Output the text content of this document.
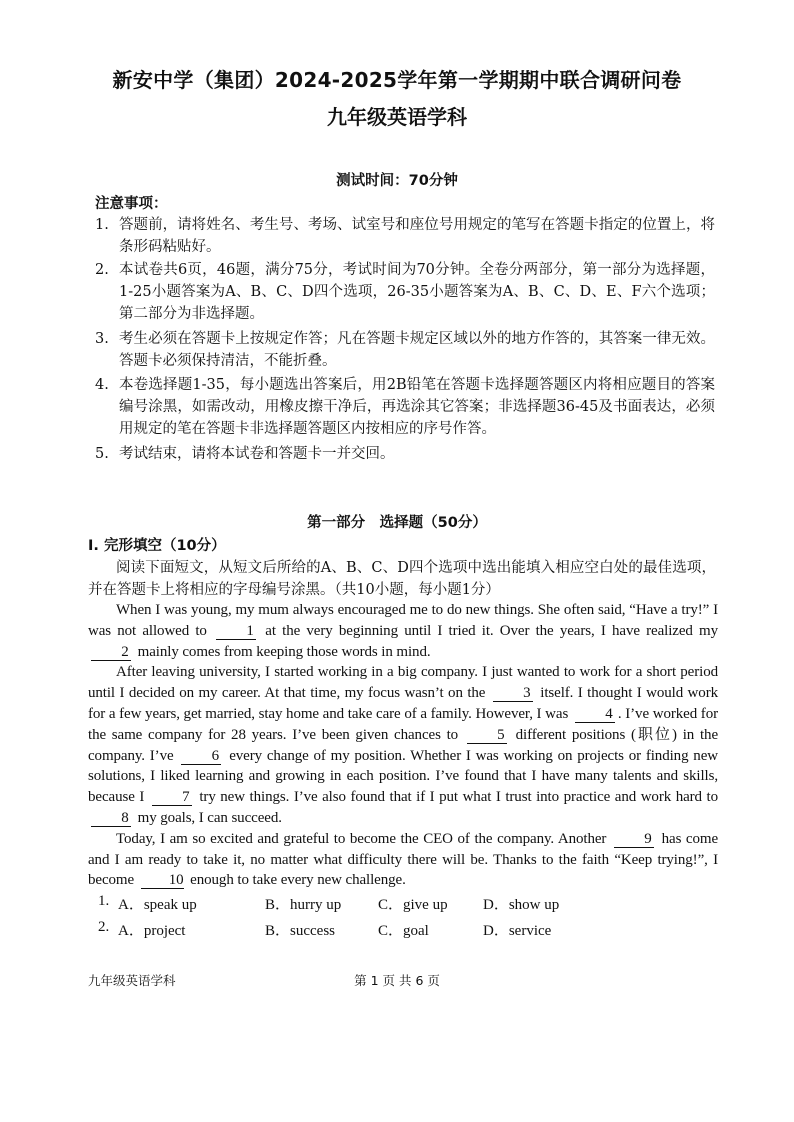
新安中学（集团）2024-2025学年第一学期期中联合调研问卷
九年级英语学科
测试时间：70分钟
注意事项：
1. 答题前，请将姓名、考生号、考场、试室号和座位号用规定的笔写在答题卡指定的位置上，将条形码粘贴好。
2. 本试卷共6页，46题，满分75分，考试时间为70分钟。全卷分两部分，第一部分为选择题，1-25小题答案为A、B、C、D四个选项，26-35小题答案为A、B、C、D、E、F六个选项；第二部分为非选择题。
3. 考生必须在答题卡上按规定作答；凡在答题卡规定区域以外的地方作答的，其答案一律无效。答题卡必须保持清洁，不能折叠。
4. 本卷选择题1-35，每小题选出答案后，用2B铅笔在答题卡选择题答题区内将相应题目的答案编号涂黑，如需改动，用橡皮擦干净后，再选涂其它答案；非选择题36-45及书面表达，必须用规定的笔在答题卡非选择题答题区内按相应的序号作答。
5. 考试结束，请将本试卷和答题卡一并交回。
第一部分　选择题（50分）
I. 完形填空（10分）
阅读下面短文，从短文后所给的A、B、C、D四个选项中选出能填入相应空白处的最佳选项，并在答题卡上将相应的字母编号涂黑。（共10小题，每小题1分）

When I was young, my mum always encouraged me to do new things. She often said, “Have a try!” I was not allowed to	1 at the very beginning until I tried it. Over the years, I have realized my 2 mainly comes from keeping those words in mind.

After leaving university, I started working in a big company. I just wanted to work for a short period until I decided on my career. At that time, my focus wasn’t on the	3 itself. I thought I would work for a few years, get married, stay home and take care of a family. However, I was 4 . I’ve worked for the same company for 28 years. I’ve been given chances to	5 different positions (职位) in the company. I’ve	6 every change of my position. Whether I was working on projects or finding new solutions, I liked learning and growing in each position. I’ve found that I have many talents and skills, because I	7 try new things. I’ve also found that if I put what I trust into practice and work hard to 8 my goals, I can succeed.

Today, I am so excited and grateful to become the CEO of the company. Another	9 has come and I am ready to take it, no matter what difficulty there will be. Thanks to the faith “Keep trying!”, I become 10 enough to take every new challenge.

1. A．speak up	B．hurry up C．give up D．show up
2. A．project	B．success	C．goal	D．service
九年级英语学科	第 1 页 共 6 页
